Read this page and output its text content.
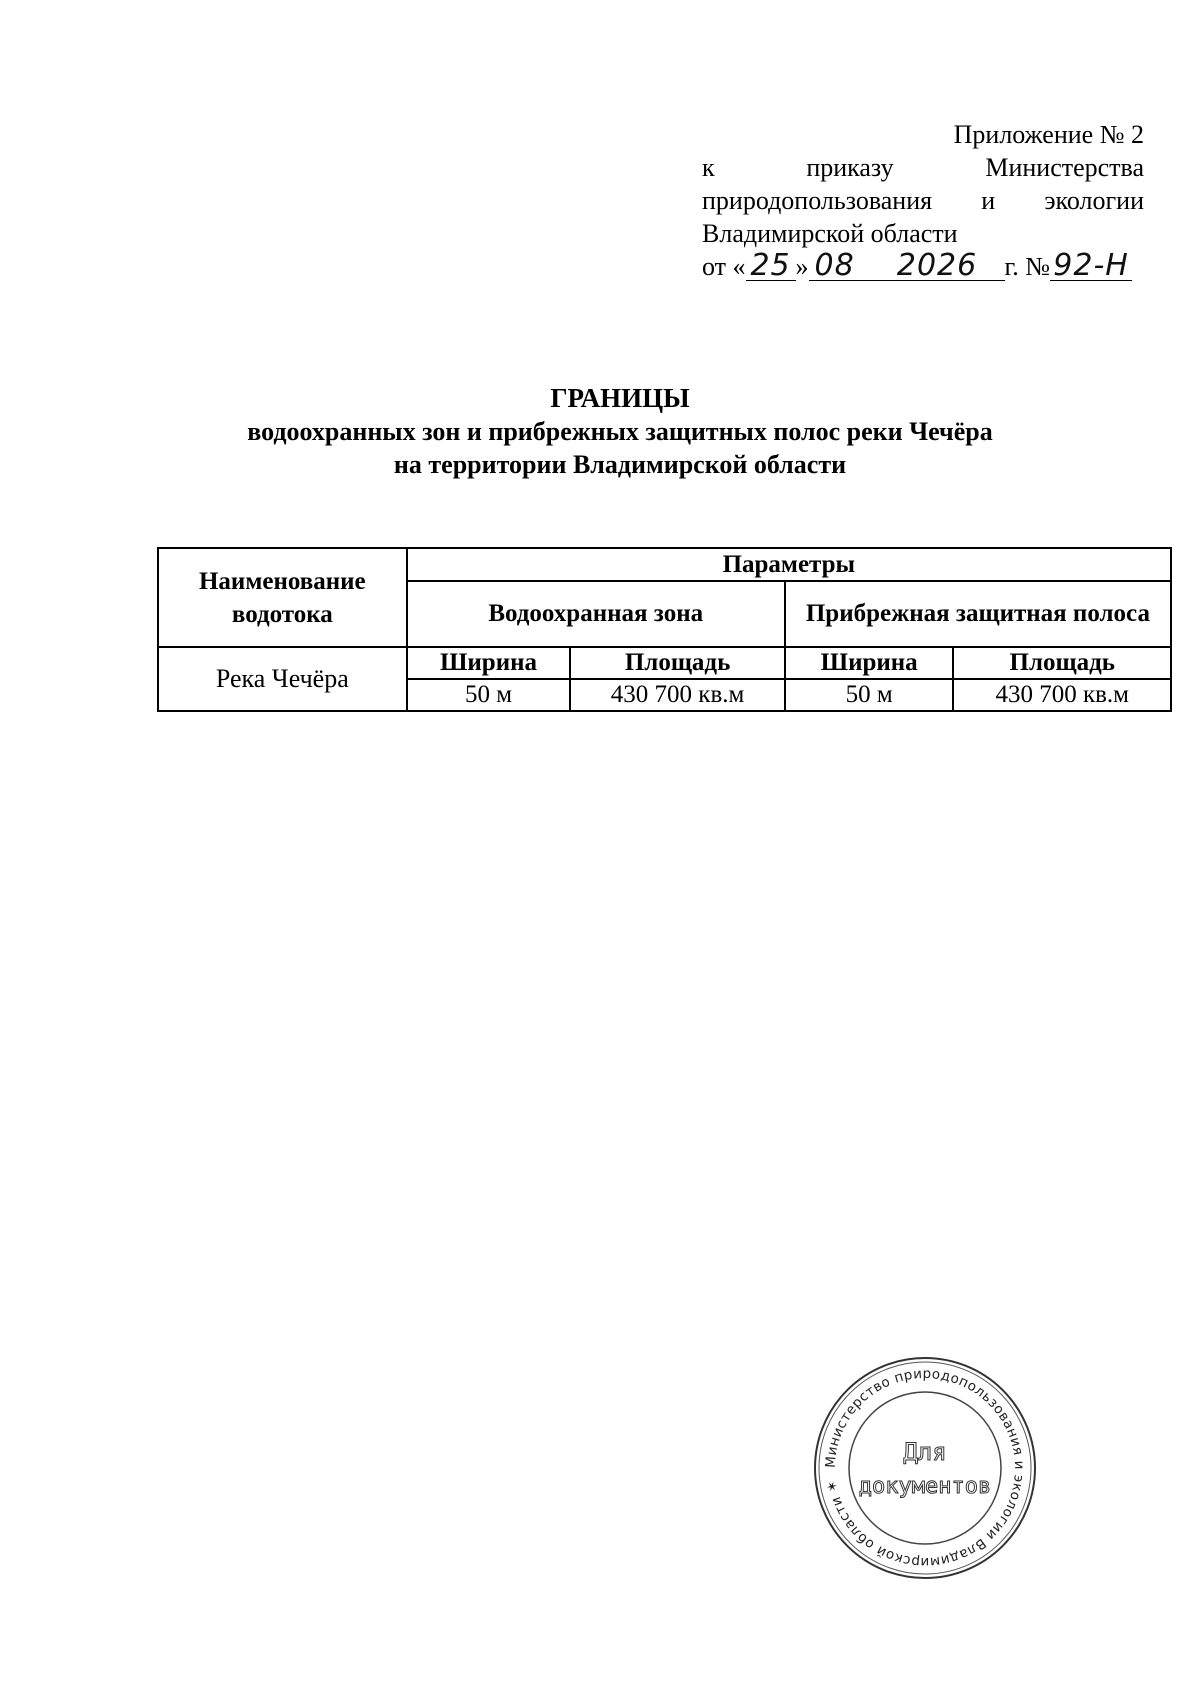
Приложение № 2
к	приказу	Министерства
природопользования и экологии
Владимирской области
от « 25 » 08 2026 г. № 92-Н
ГРАНИЦЫ
водоохранных зон и прибрежных защитных полос реки Чечёра
на территории Владимирской области
Наименование водотока	Параметры			
	Водоохранная зона		Прибрежная защитная полоса	

Река Чечёра	Ширина	Площадь	Ширина	Площадь
	50 м	430 700 кв.м	50 м	430 700 кв.м
Министерство природопользования и экологии Владимирской области ✶
Для
документов
